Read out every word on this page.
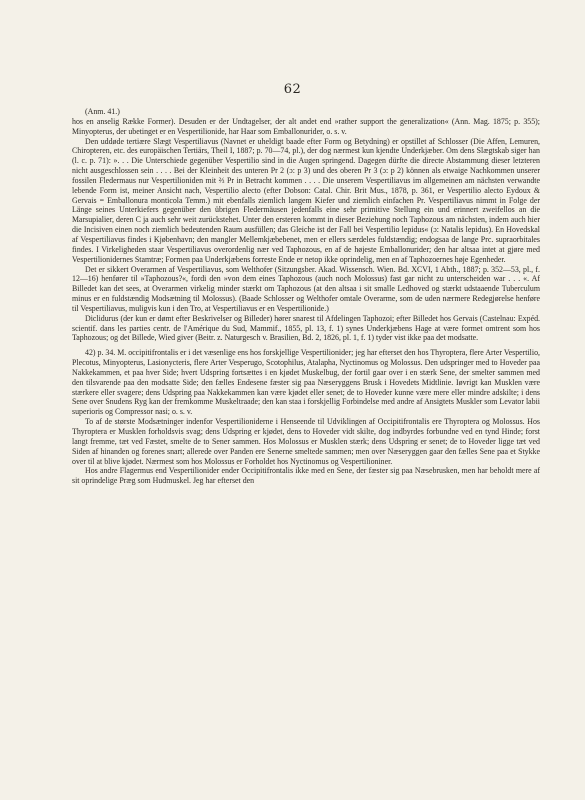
62

(Anm. 41.)

hos en anselig Række Former). Desuden er der Undtagelser, der alt andet end »rather support the generalization« (Ann. Mag. 1875; p. 355); Minyopterus, der ubetinget er en Vespertilionide, har Haar som Emballonurider, o. s. v.

Den uddøde tertiære Slægt Vespertiliavus (Navnet er uheldigt baade efter Form og Betydning) er opstillet af Schlosser (Die Affen, Lemuren, Chiropteren, etc. des europäischen Tertiärs, Theil I, 1887; p. 70—74, pl.), der dog nærmest kun kjendte Underkjæber. Om dens Slægtskab siger han (l. c. p. 71): ». . . Die Unterschiede gegenüber Vespertilio sind in die Augen springend. Dagegen dürfte die directe Abstammung dieser letzteren nicht ausgeschlossen sein . . . . Bei der Kleinheit des unteren Pr 2 (ɔ: p 3) und des oberen Pr 3 (ɔ: p 2) können als etwaige Nachkommen unserer fossilen Fledermaus nur Vespertilioniden mit ⅔ Pr in Betracht kommen . . . . Die unserem Vespertiliavus im allgemeinen am nächsten verwandte lebende Form ist, meiner Ansicht nach, Vespertilio alecto (efter Dobson: Catal. Chir. Brit Mus., 1878, p. 361, er Vespertilio alecto Eydoux & Gervais = Emballonura monticola Temm.) mit ebenfalls ziemlich langem Kiefer und ziemlich einfachen Pr. Vespertiliavus nimmt in Folge der Länge seines Unterkiefers gegenüber den übrigen Fledermäusen jedenfalls eine sehr primitive Stellung ein und erinnert zweifellos an die Marsupialier, deren C ja auch sehr weit zurückstehet. Unter den ersteren kommt in dieser Beziehung noch Taphozous am nächsten, indem auch hier die Incisiven einen noch ziemlich bedeutenden Raum ausfüllen; das Gleiche ist der Fall bei Vespertilio lepidus« (ɔ: Natalis lepidus). En Hovedskal af Vespertiliavus findes i Kjøbenhavn; den mangler Mellemkjæbebenet, men er ellers særdeles fuldstændig; endogsaa de lange Prc. supraorbitales findes. I Virkeligheden staar Vespertiliavus overordenlig nær ved Taphozous, en af de højeste Emballonurider; den har altsaa intet at gjøre med Vespertilionidernes Stamtræ; Formen paa Underkjæbens forreste Ende er netop ikke oprindelig, men en af Taphozoernes høje Egenheder.

Det er sikkert Overarmen af Vespertiliavus, som Welthofer (Sitzungsber. Akad. Wissensch. Wien. Bd. XCVI, 1 Abth., 1887; p. 352—53, pl., f. 12—16) henfører til »Taphozous?«, fordi den »von dem eines Taphozous (auch noch Molossus) fast gar nicht zu unterscheiden war . . . «. Af Billedet kan det sees, at Overarmen virkelig minder stærkt om Taphozous (at den altsaa i sit smalle Ledhoved og stærkt udstaaende Tuberculum minus er en fuldstændig Modsætning til Molossus). (Baade Schlosser og Welthofer omtale Overarme, som de uden nærmere Redegjørelse henføre til Vespertiliavus, muligvis kun i den Tro, at Vespertiliavus er en Vespertilionide.)

Diclidurus (der kun er dømt efter Beskrivelser og Billeder) hører snarest til Afdelingen Taphozoi; efter Billedet hos Gervais (Castelnau: Expéd. scientif. dans les parties centr. de l'Amérique du Sud, Mammif., 1855, pl. 13, f. 1) synes Underkjæbens Hage at være formet omtrent som hos Taphozous; og det Billede, Wied giver (Beitr. z. Naturgesch v. Brasilien, Bd. 2, 1826, pl. 1, f. 1) tyder vist ikke paa det modsatte.

42) p. 34. M. occipitifrontalis er i det væsenlige ens hos forskjellige Vespertilionider; jeg har efterset den hos Thyroptera, flere Arter Vespertilio, Plecotus, Minyopterus, Lasionycteris, flere Arter Vesperugo, Scotophilus, Atalapha, Nyctinomus og Molossus. Den udspringer med to Hoveder paa Nakkekammen, et paa hver Side; hvert Udspring fortsættes i en kjødet Muskelbug, der fortil gaar over i en stærk Sene, der smelter sammen med den tilsvarende paa den modsatte Side; den fælles Endesene fæster sig paa Næseryggens Brusk i Hovedets Midtlinie. Iøvrigt kan Musklen være stærkere eller svagere; dens Udspring paa Nakkekammen kan være kjødet eller senet; de to Hoveder kunne være mere eller mindre adskilte; i dens Sene over Snudens Ryg kan der fremkomme Muskeltraade; den kan staa i forskjellig Forbindelse med andre af Ansigtets Muskler som Levator labii superioris og Compressor nasi; o. s. v.

To af de største Modsætninger indenfor Vespertilioniderne i Henseende til Udviklingen af Occipitifrontalis ere Thyroptera og Molossus. Hos Thyroptera er Musklen forholdsvis svag; dens Udspring er kjødet, dens to Hoveder vidt skilte, dog indbyrdes forbundne ved en tynd Hinde; forst langt fremme, tæt ved Fæstet, smelte de to Sener sammen. Hos Molossus er Musklen stærk; dens Udspring er senet; de to Hoveder ligge tæt ved Siden af hinanden og forenes snart; allerede over Panden ere Senerne smeltede sammen; men over Næseryggen gaar den fælles Sene paa et Stykke over til at blive kjødet. Nærmest som hos Molossus er Forholdet hos Nyctinomus og Vespertilioniner.

Hos andre Flagermus end Vespertilionider ender Occipitifrontalis ikke med en Sene, der fæster sig paa Næsebrusken, men har beholdt mere af sit oprindelige Præg som Hudmuskel. Jeg har efterset den
